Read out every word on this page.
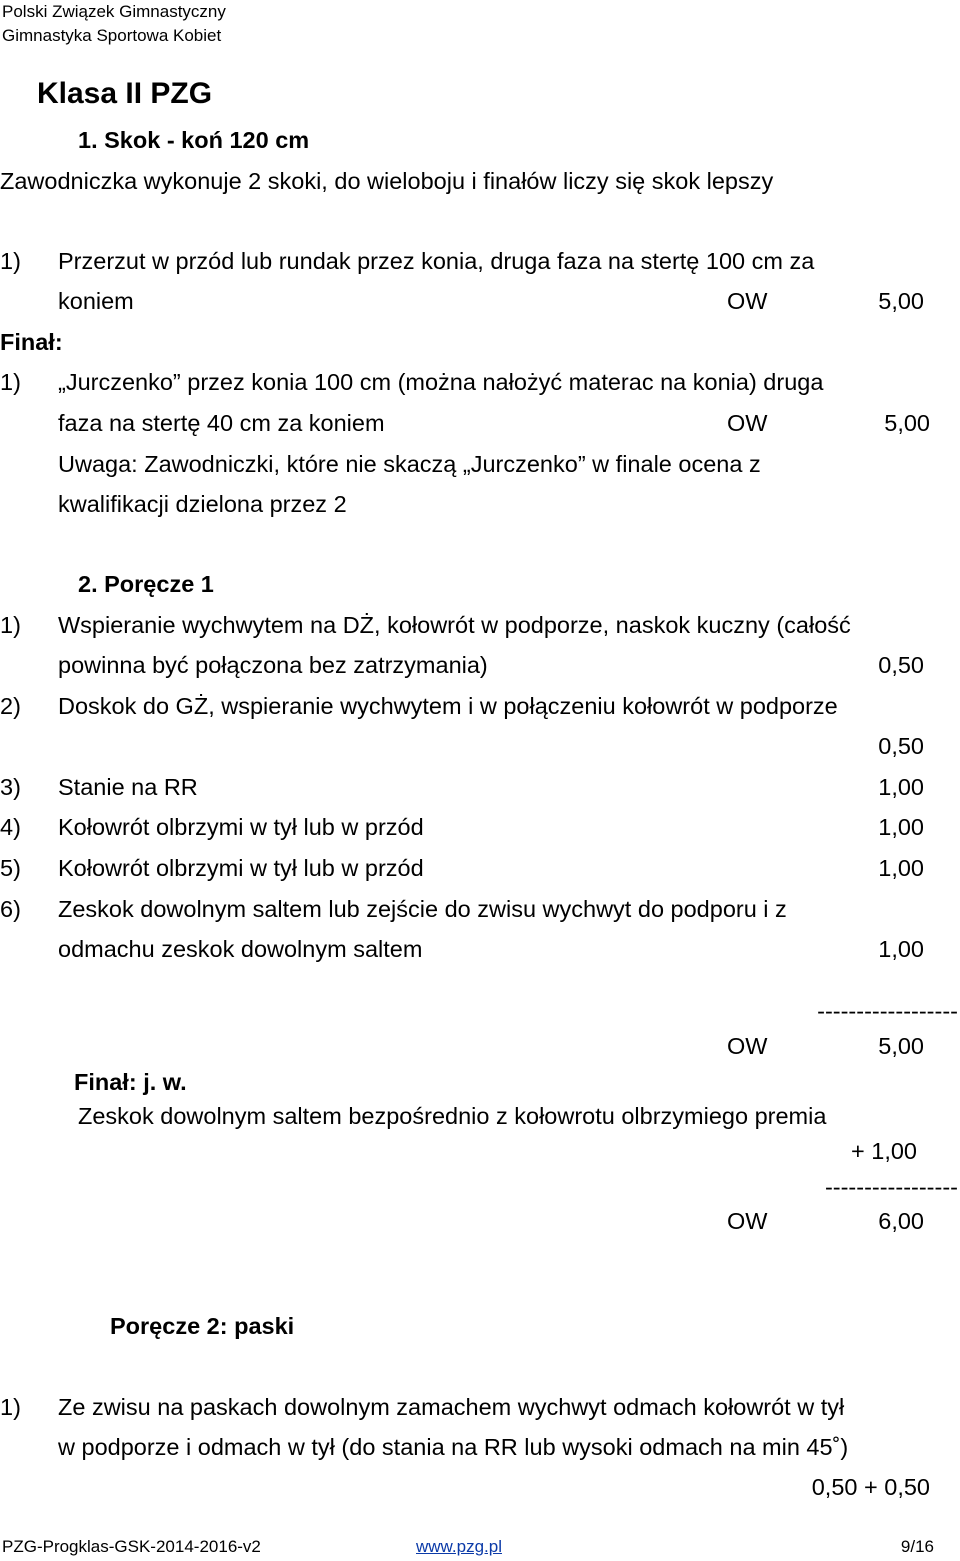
Polski Związek Gimnastyczny
Gimnastyka Sportowa Kobiet
Klasa II PZG
1. Skok - koń 120 cm
Zawodniczka wykonuje 2 skoki, do wieloboju i finałów liczy się skok lepszy
1) Przerzut w przód lub rundak przez konia, druga faza na stertę 100 cm za
koniem	OW	5,00
Finał:
1) „Jurczenko” przez konia 100 cm (można nałożyć materac na konia) druga
faza na stertę 40 cm za koniem	OW	5,00
Uwaga: Zawodniczki, które nie skaczą „Jurczenko” w finale ocena z
kwalifikacji dzielona przez 2
2. Poręcze 1
1) Wspieranie wychwytem na DŻ, kołowrót w podporze, naskok kuczny (całość
powinna być połączona bez zatrzymania)	0,50
2) Doskok do GŻ, wspieranie wychwytem i w połączeniu kołowrót w podporze
0,50
3) Stanie na RR	1,00
4) Kołowrót olbrzymi w tył lub w przód	1,00
5) Kołowrót olbrzymi w tył lub w przód	1,00
6) Zeskok dowolnym saltem lub zejście do zwisu wychwyt do podporu i z
odmachu zeskok dowolnym saltem	1,00
------------------
OW	5,00
Finał: j. w.
Zeskok dowolnym saltem bezpośrednio z kołowrotu olbrzymiego premia
+ 1,00
-----------------
OW	6,00
Poręcze 2: paski
1) Ze zwisu na paskach dowolnym zamachem wychwyt odmach kołowrót w tył
w podporze i odmach w tył (do stania na RR lub wysoki odmach na min 45˚)
0,50 + 0,50
PZG-Progklas-GSK-2014-2016-v2	www.pzg.pl	9/16
